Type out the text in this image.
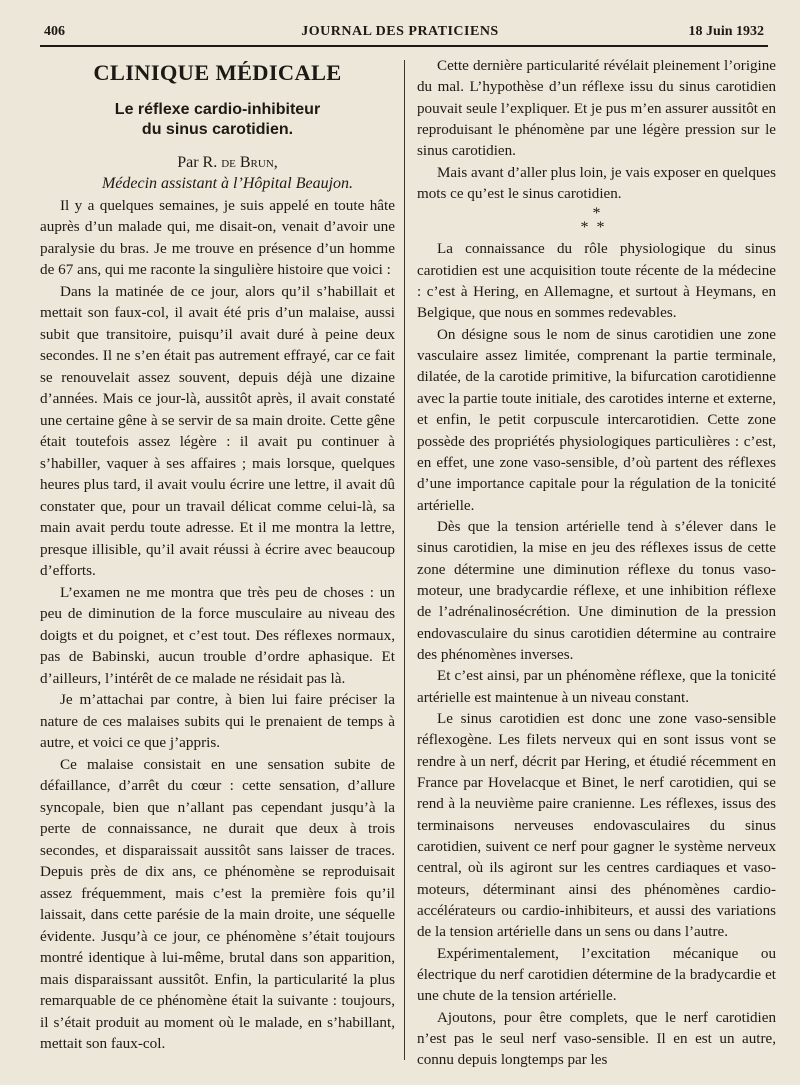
406	JOURNAL DES PRATICIENS	18 Juin 1932
CLINIQUE MÉDICALE
Le réflexe cardio-inhibiteur
du sinus carotidien.

Par R. de Brun,

Médecin assistant à l’Hôpital Beaujon.

Il y a quelques semaines, je suis appelé en toute hâte auprès d’un malade qui, me disait-on, venait d’avoir une paralysie du bras. Je me trouve en présence d’un homme de 67 ans, qui me raconte la singulière histoire que voici :

Dans la matinée de ce jour, alors qu’il s’habillait et mettait son faux-col, il avait été pris d’un malaise, aussi subit que transitoire, puisqu’il avait duré à peine deux secondes. Il ne s’en était pas autrement effrayé, car ce fait se renouvelait assez souvent, depuis déjà une dizaine d’années. Mais ce jour-là, aussitôt après, il avait constaté une certaine gêne à se servir de sa main droite. Cette gêne était toutefois assez légère : il avait pu continuer à s’habiller, vaquer à ses affaires ; mais lorsque, quelques heures plus tard, il avait voulu écrire une lettre, il avait dû constater que, pour un travail délicat comme celui-là, sa main avait perdu toute adresse. Et il me montra la lettre, presque illisible, qu’il avait réussi à écrire avec beaucoup d’efforts.

L’examen ne me montra que très peu de choses : un peu de diminution de la force musculaire au niveau des doigts et du poignet, et c’est tout. Des réflexes normaux, pas de Babinski, aucun trouble d’ordre aphasique. Et d’ailleurs, l’intérêt de ce malade ne résidait pas là.

Je m’attachai par contre, à bien lui faire préciser la nature de ces malaises subits qui le prenaient de temps à autre, et voici ce que j’appris.

Ce malaise consistait en une sensation subite de défaillance, d’arrêt du cœur : cette sensation, d’allure syncopale, bien que n’allant pas cependant jusqu’à la perte de connaissance, ne durait que deux à trois secondes, et disparaissait aussitôt sans laisser de traces. Depuis près de dix ans, ce phénomène se reproduisait assez fréquemment, mais c’est la première fois qu’il laissait, dans cette parésie de la main droite, une séquelle évidente. Jusqu’à ce jour, ce phénomène s’était toujours montré identique à lui-même, brutal dans son apparition, mais disparaissant aussitôt. Enfin, la particularité la plus remarquable de ce phénomène était la suivante : toujours, il s’était produit au moment où le malade, en s’habillant, mettait son faux-col.

Cette dernière particularité révélait pleinement l’origine du mal. L’hypothèse d’un réflexe issu du sinus carotidien pouvait seule l’expliquer. Et je pus m’en assurer aussitôt en reproduisant le phénomène par une légère pression sur le sinus carotidien.

Mais avant d’aller plus loin, je vais exposer en quelques mots ce qu’est le sinus carotidien.

*
**

La connaissance du rôle physiologique du sinus carotidien est une acquisition toute récente de la médecine : c’est à Hering, en Allemagne, et surtout à Heymans, en Belgique, que nous en sommes redevables.

On désigne sous le nom de sinus carotidien une zone vasculaire assez limitée, comprenant la partie terminale, dilatée, de la carotide primitive, la bifurcation carotidienne avec la partie toute initiale, des carotides interne et externe, et enfin, le petit corpuscule intercarotidien. Cette zone possède des propriétés physiologiques particulières : c’est, en effet, une zone vaso-sensible, d’où partent des réflexes d’une importance capitale pour la régulation de la tonicité artérielle.

Dès que la tension artérielle tend à s’élever dans le sinus carotidien, la mise en jeu des réflexes issus de cette zone détermine une diminution réflexe du tonus vaso-moteur, une bradycardie réflexe, et une inhibition réflexe de l’adrénalinosécrétion. Une diminution de la pression endovasculaire du sinus carotidien détermine au contraire des phénomènes inverses.

Et c’est ainsi, par un phénomène réflexe, que la tonicité artérielle est maintenue à un niveau constant.

Le sinus carotidien est donc une zone vaso-sensible réflexogène. Les filets nerveux qui en sont issus vont se rendre à un nerf, décrit par Hering, et étudié récemment en France par Hovelacque et Binet, le nerf carotidien, qui se rend à la neuvième paire cranienne. Les réflexes, issus des terminaisons nerveuses endovasculaires du sinus carotidien, suivent ce nerf pour gagner le système nerveux central, où ils agiront sur les centres cardiaques et vaso-moteurs, déterminant ainsi des phénomènes cardio-accélérateurs ou cardio-inhibiteurs, et aussi des variations de la tension artérielle dans un sens ou dans l’autre.

Expérimentalement, l’excitation mécanique ou électrique du nerf carotidien détermine de la bradycardie et une chute de la tension artérielle.

Ajoutons, pour être complets, que le nerf carotidien n’est pas le seul nerf vaso-sensible. Il en est un autre, connu depuis longtemps par les
